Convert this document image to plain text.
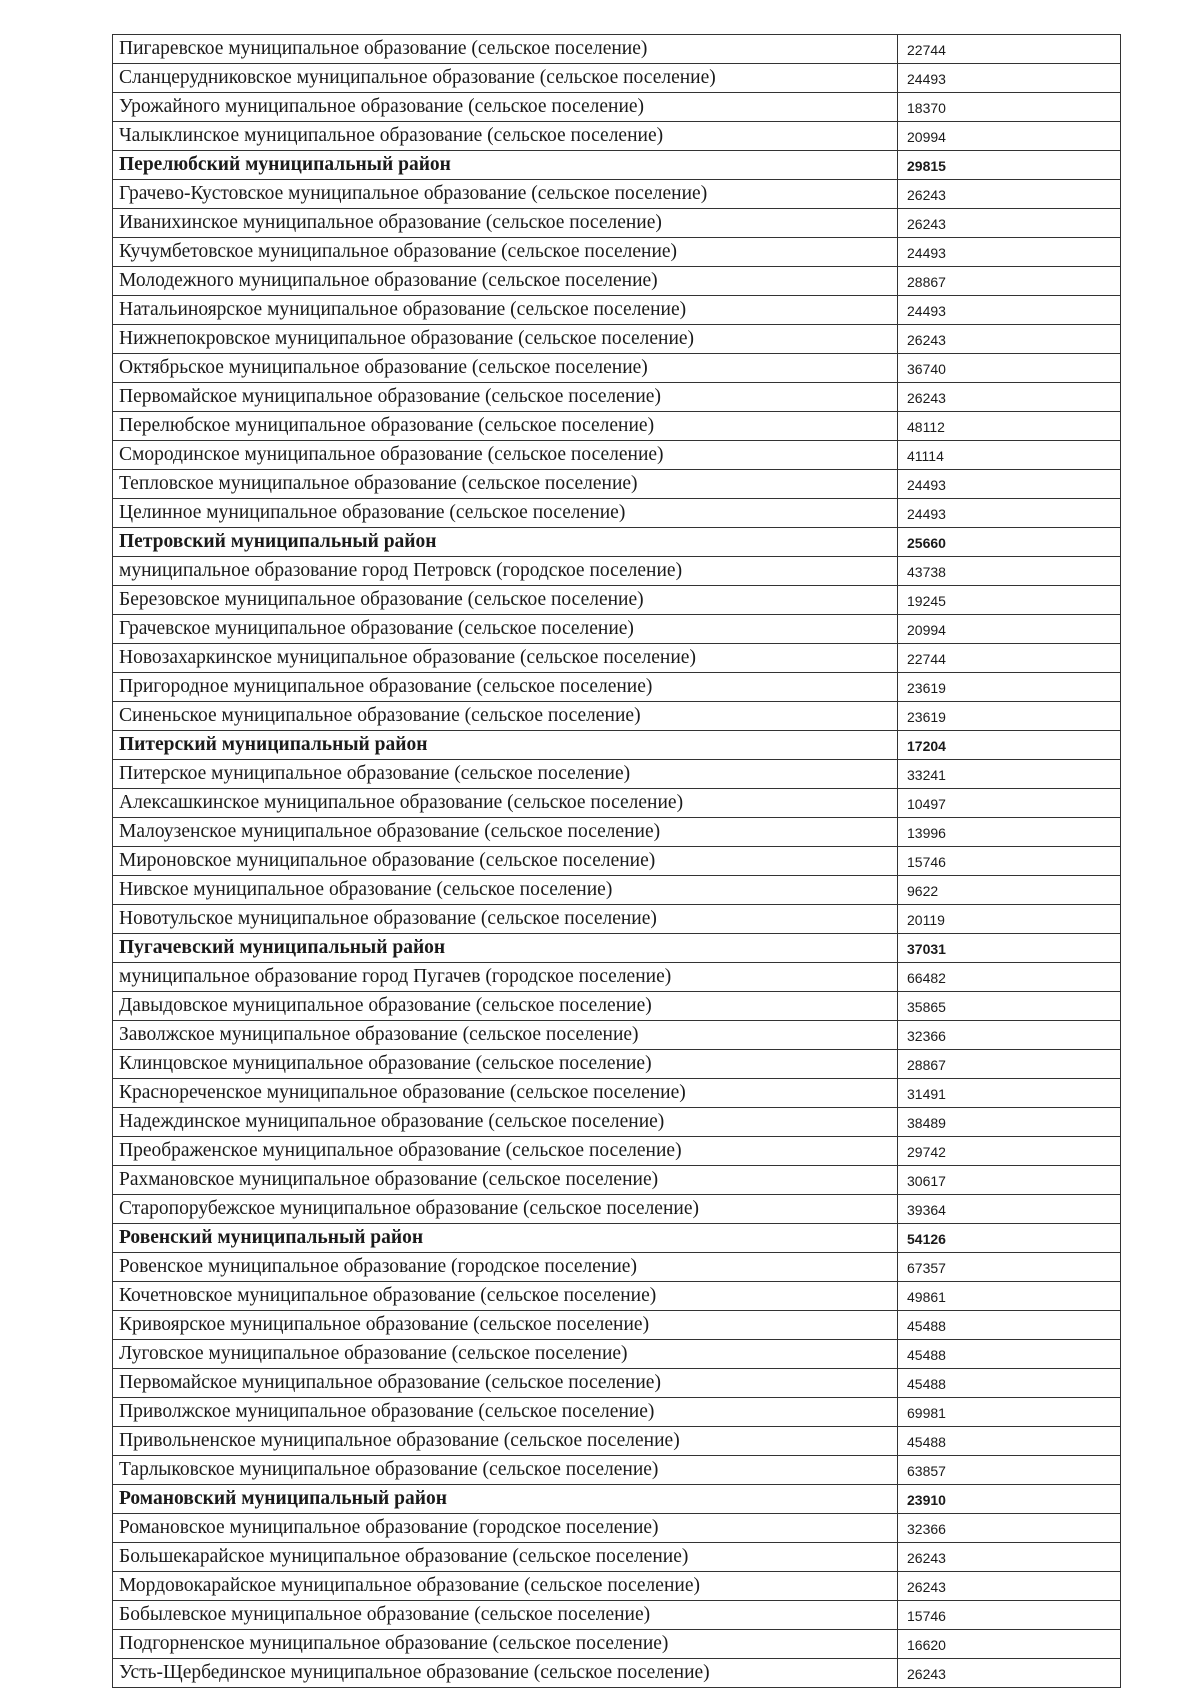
Пигаревское муниципальное образование (сельское поселение)	22744
Сланцерудниковское муниципальное образование (сельское поселение)	24493
Урожайного муниципальное образование (сельское поселение)	18370
Чалыклинское муниципальное образование (сельское поселение)	20994
Перелюбский муниципальный район	29815
Грачево-Кустовское муниципальное образование (сельское поселение)	26243
Иванихинское муниципальное образование (сельское поселение)	26243
Кучумбетовское муниципальное образование (сельское поселение)	24493
Молодежного муниципальное образование (сельское поселение)	28867
Натальиноярское муниципальное образование (сельское поселение)	24493
Нижнепокровское муниципальное образование (сельское поселение)	26243
Октябрьское муниципальное образование (сельское поселение)	36740
Первомайское муниципальное образование (сельское поселение)	26243
Перелюбское муниципальное образование (сельское поселение)	48112
Смородинское муниципальное образование (сельское поселение)	41114
Тепловское муниципальное образование (сельское поселение)	24493
Целинное муниципальное образование (сельское поселение)	24493
Петровский муниципальный район	25660
муниципальное образование город Петровск (городское поселение)	43738
Березовское муниципальное образование (сельское поселение)	19245
Грачевское муниципальное образование (сельское поселение)	20994
Новозахаркинское муниципальное образование (сельское поселение)	22744
Пригородное муниципальное образование (сельское поселение)	23619
Синеньское муниципальное образование (сельское поселение)	23619
Питерский муниципальный район	17204
Питерское муниципальное образование (сельское поселение)	33241
Алексашкинское муниципальное образование (сельское поселение)	10497
Малоузенское муниципальное образование (сельское поселение)	13996
Мироновское муниципальное образование (сельское поселение)	15746
Нивское муниципальное образование (сельское поселение)	9622
Новотульское муниципальное образование (сельское поселение)	20119
Пугачевский муниципальный район	37031
муниципальное образование город Пугачев (городское поселение)	66482
Давыдовское муниципальное образование (сельское поселение)	35865
Заволжское муниципальное образование (сельское поселение)	32366
Клинцовское муниципальное образование (сельское поселение)	28867
Краснореченское муниципальное образование (сельское поселение)	31491
Надеждинское муниципальное образование (сельское поселение)	38489
Преображенское муниципальное образование (сельское поселение)	29742
Рахмановское муниципальное образование (сельское поселение)	30617
Старопорубежское муниципальное образование (сельское поселение)	39364
Ровенский муниципальный район	54126
Ровенское муниципальное образование (городское поселение)	67357
Кочетновское муниципальное образование (сельское поселение)	49861
Кривоярское муниципальное образование (сельское поселение)	45488
Луговское муниципальное образование (сельское поселение)	45488
Первомайское муниципальное образование (сельское поселение)	45488
Приволжское муниципальное образование (сельское поселение)	69981
Привольненское муниципальное образование (сельское поселение)	45488
Тарлыковское муниципальное образование (сельское поселение)	63857
Романовский муниципальный район	23910
Романовское муниципальное образование (городское поселение)	32366
Большекарайское муниципальное образование (сельское поселение)	26243
Мордовокарайское муниципальное образование (сельское поселение)	26243
Бобылевское муниципальное образование (сельское поселение)	15746
Подгорненское муниципальное образование (сельское поселение)	16620
Усть-Щербединское муниципальное образование (сельское поселение)	26243
